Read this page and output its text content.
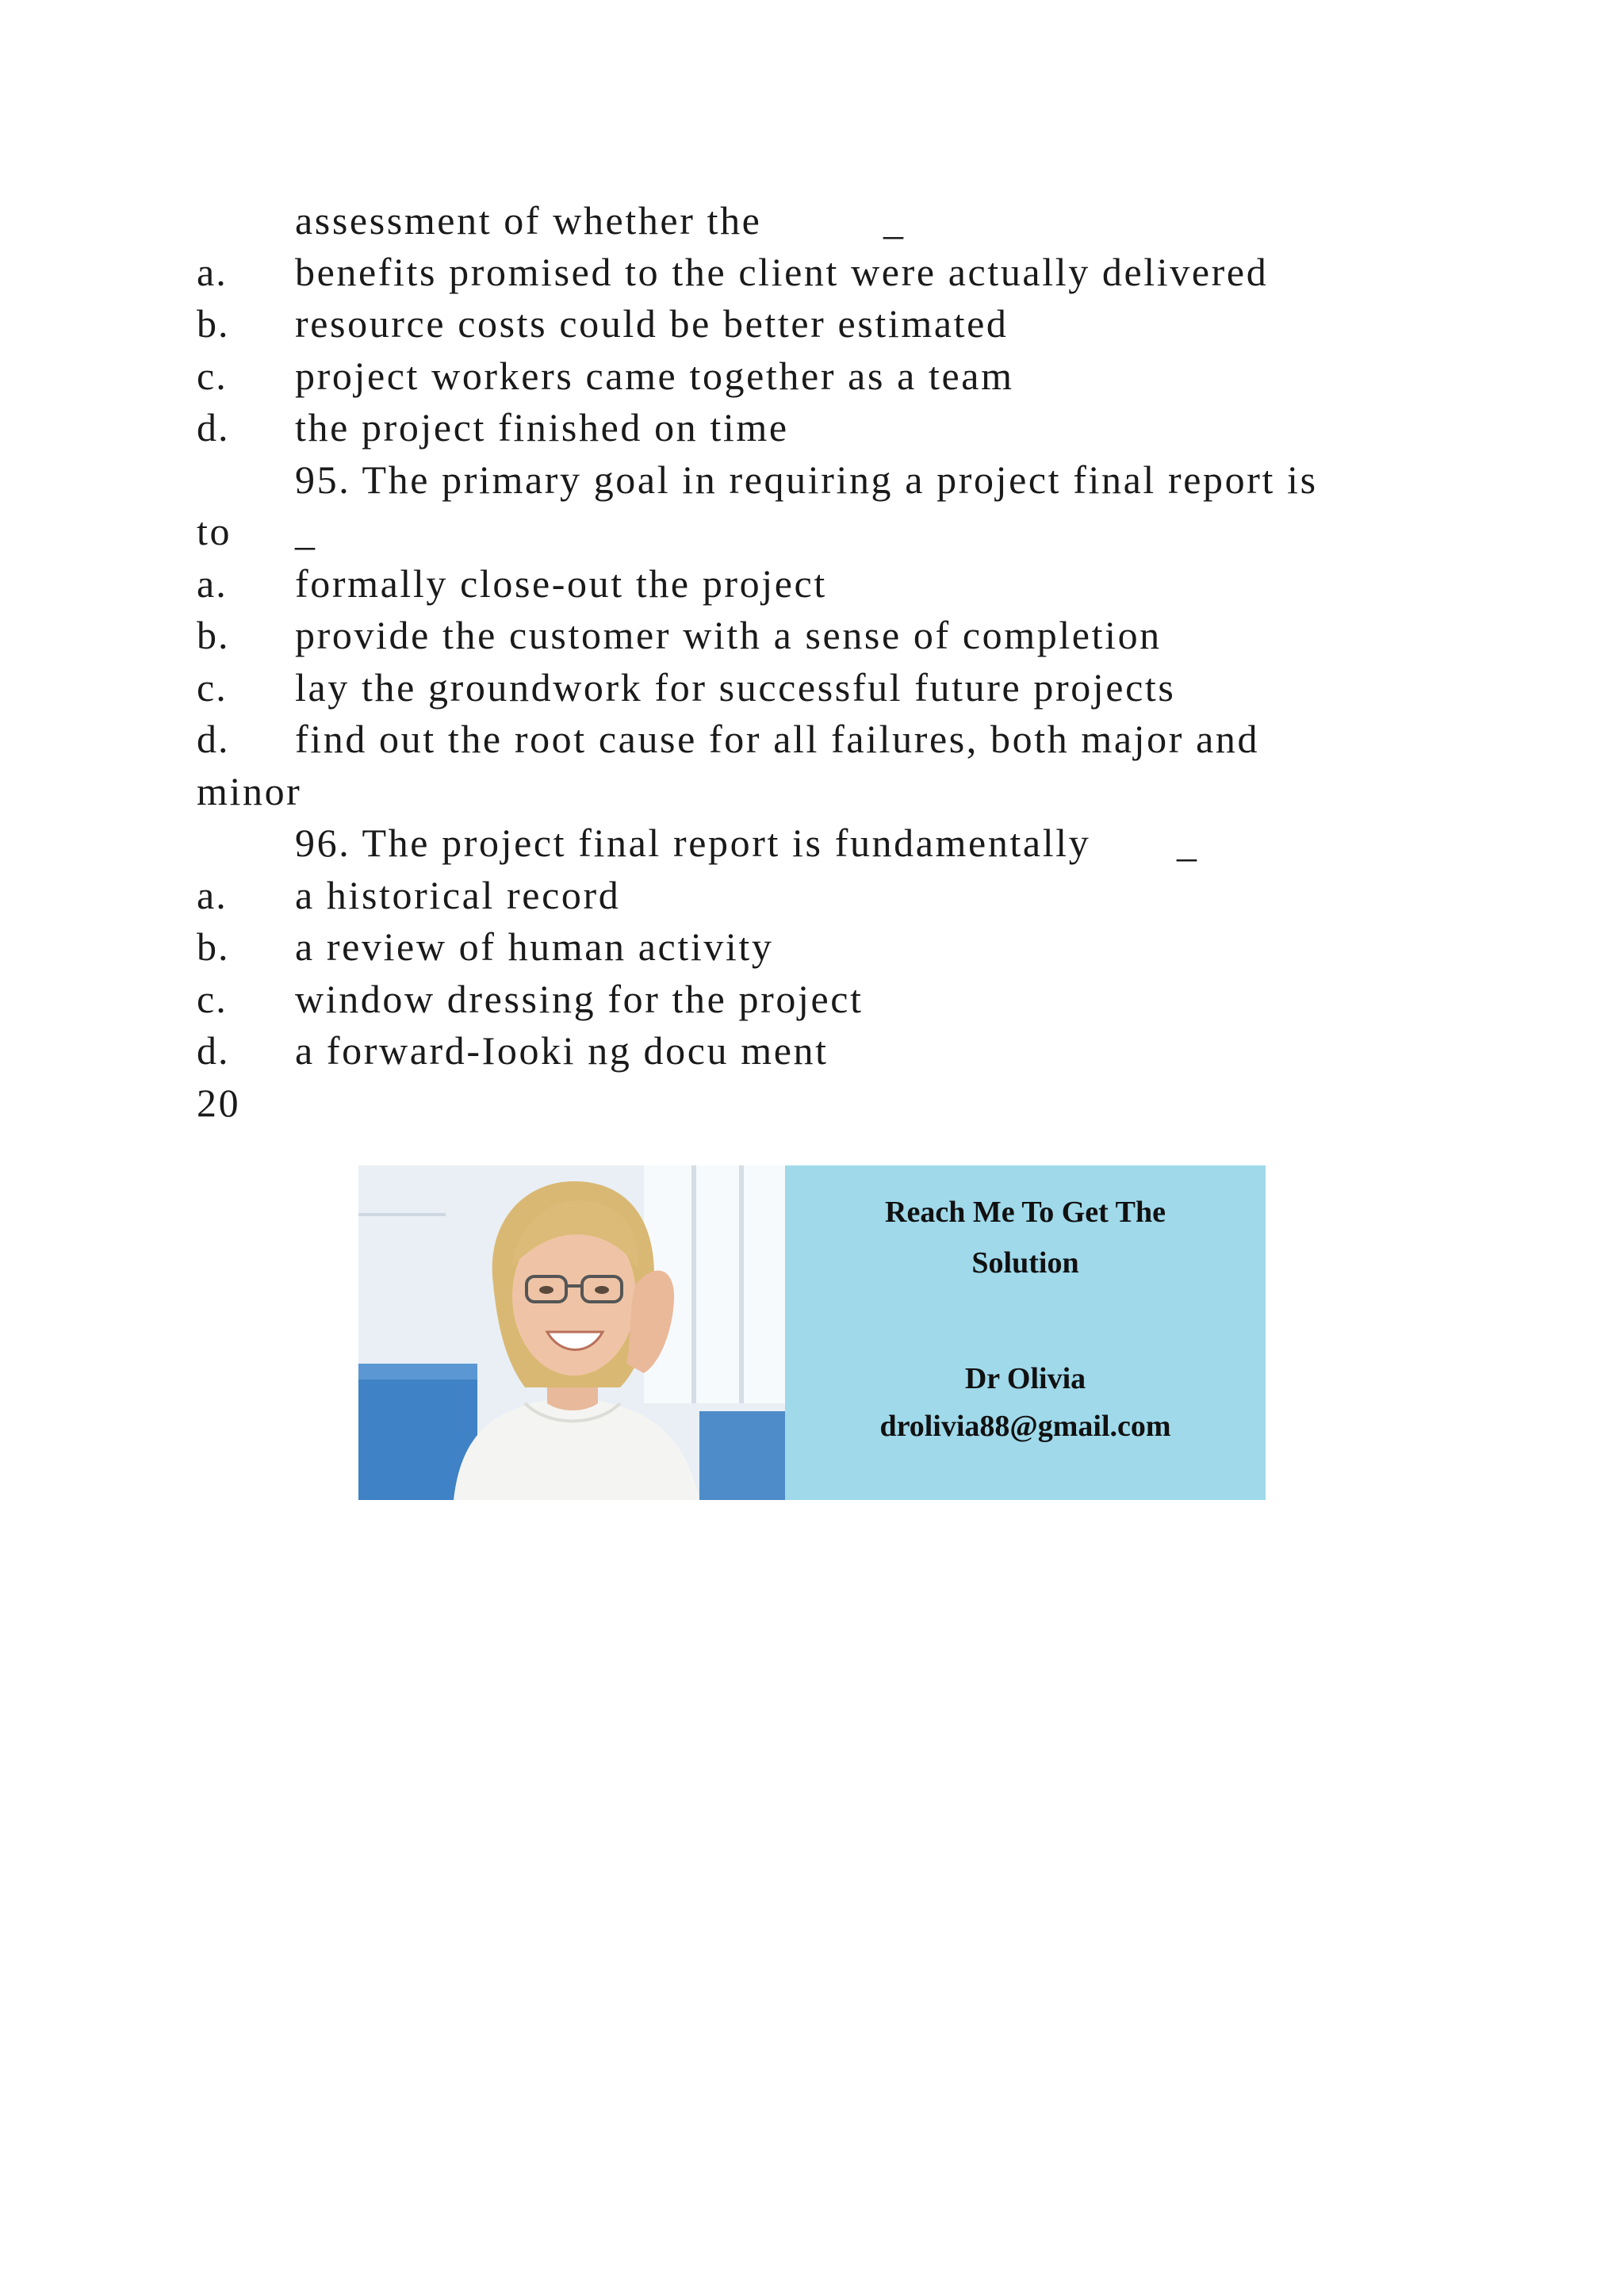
assessment of whether the	_
a. benefits promised to the client were actually delivered
b. resource costs could be better estimated
c. project workers came together as a team
d. the project finished on time
95. The primary goal in requiring a project final report is
to _
a. formally close-out the project
b. provide the customer with a sense of completion
c. lay the groundwork for successful future projects
d. find out the root cause for all failures, both major and
minor
96. The project final report is fundamentally _
a. a historical record
b. a review of human activity
c. window dressing for the project
d. a forward-Iooki ng docu ment
20
Reach Me To Get The
Solution
Dr Olivia
drolivia88@gmail.com
